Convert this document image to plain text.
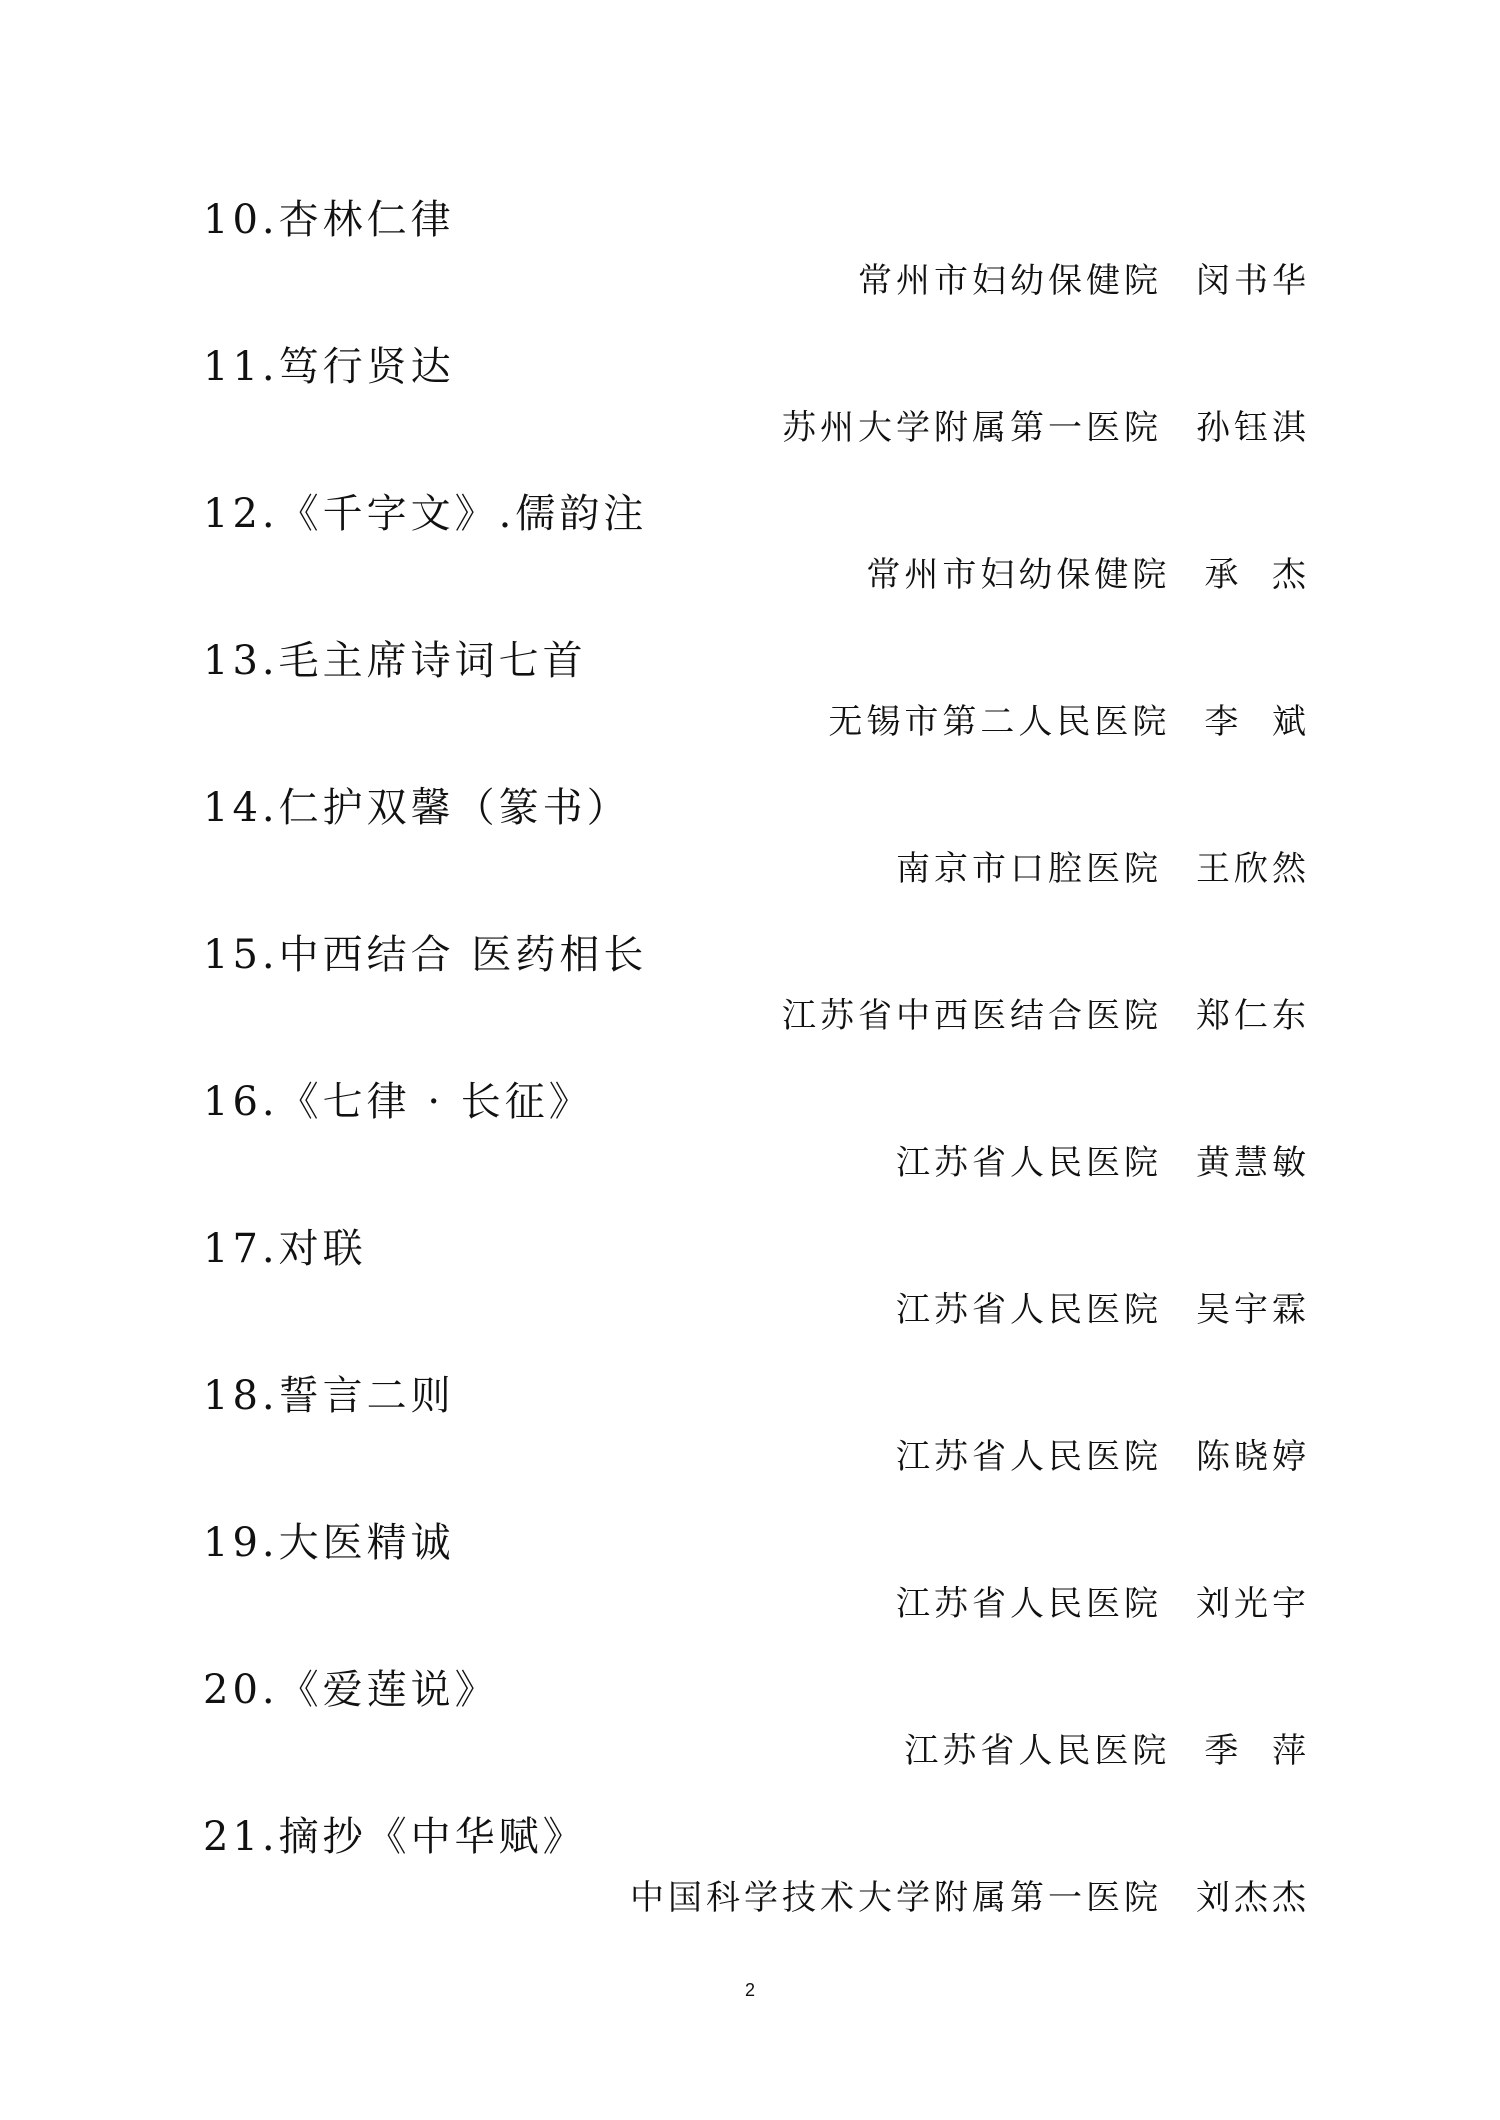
10.杏林仁律
常州市妇幼保健院 闵书华
11.笃行贤达
苏州大学附属第一医院 孙钰淇
12.《千字文》.儒韵注
常州市妇幼保健院 承  杰
13.毛主席诗词七首
无锡市第二人民医院 李  斌
14.仁护双馨（篆书）
南京市口腔医院 王欣然
15.中西结合 医药相长
江苏省中西医结合医院 郑仁东
16.《七律 · 长征》
江苏省人民医院 黄慧敏
17.对联
江苏省人民医院 吴宇霖
18.誓言二则
江苏省人民医院 陈晓婷
19.大医精诚
江苏省人民医院 刘光宇
20.《爱莲说》
江苏省人民医院 季  萍
21.摘抄《中华赋》
中国科学技术大学附属第一医院 刘杰杰
2
